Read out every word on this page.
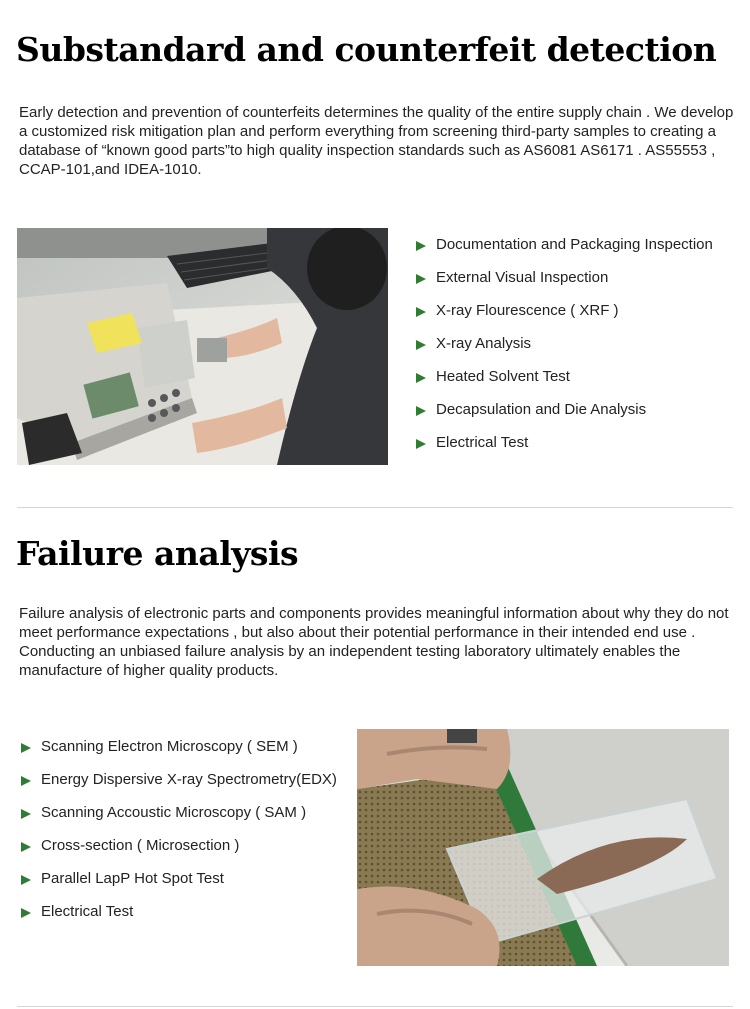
Substandard and counterfeit detection

Early detection and prevention of counterfeits determines the quality of the entire supply chain . We develop a customized risk mitigation plan and perform everything from screening third-party samples to creating a database of “known good parts”to high quality inspection standards such as AS6081 AS6171 . AS55553 , CCAP-101,and IDEA-1010.

Documentation and Packaging Inspection
External Visual Inspection
X-ray Flourescence ( XRF )
X-ray Analysis
Heated Solvent Test
Decapsulation and Die Analysis
Electrical Test
Failure analysis

Failure analysis of electronic parts and components provides meaningful information about why they do not meet performance expectations , but also about their potential performance in their intended end use . Conducting an unbiased failure analysis by an independent testing laboratory ultimately enables the manufacture of higher quality products.

Scanning Electron Microscopy ( SEM )
Energy Dispersive X-ray Spectrometry(EDX)
Scanning Accoustic Microscopy ( SAM )
Cross-section ( Microsection )
Parallel LapP Hot Spot Test
Electrical Test
